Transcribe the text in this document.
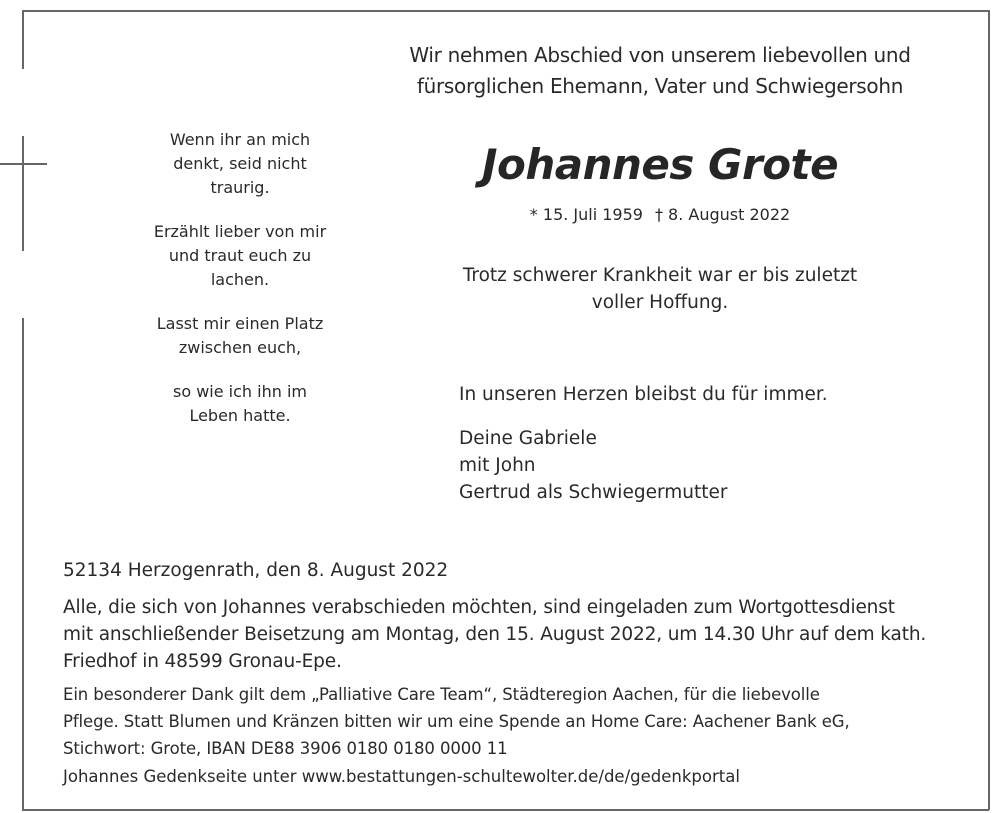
Wir nehmen Abschied von unserem liebevollen und
fürsorglichen Ehemann, Vater und Schwiegersohn
Johannes Grote
* 15. Juli 1959 † 8. August 2022
Trotz schwerer Krankheit war er bis zuletzt
voller Hoffung.
Wenn ihr an mich
denkt, seid nicht
traurig.
Erzählt lieber von mir
und traut euch zu
lachen.
Lasst mir einen Platz
zwischen euch,
so wie ich ihn im
Leben hatte.
In unseren Herzen bleibst du für immer.
Deine Gabriele
mit John
Gertrud als Schwiegermutter
52134 Herzogenrath, den 8. August 2022
Alle, die sich von Johannes verabschieden möchten, sind eingeladen zum Wortgottesdienst
mit anschließender Beisetzung am Montag, den 15. August 2022, um 14.30 Uhr auf dem kath.
Friedhof in 48599 Gronau-Epe.
Ein besonderer Dank gilt dem „Palliative Care Team“, Städteregion Aachen, für die liebevolle
Pflege. Statt Blumen und Kränzen bitten wir um eine Spende an Home Care: Aachener Bank eG,
Stichwort: Grote, IBAN DE88 3906 0180 0180 0000 11
Johannes Gedenkseite unter www.bestattungen-schultewolter.de/de/gedenkportal
